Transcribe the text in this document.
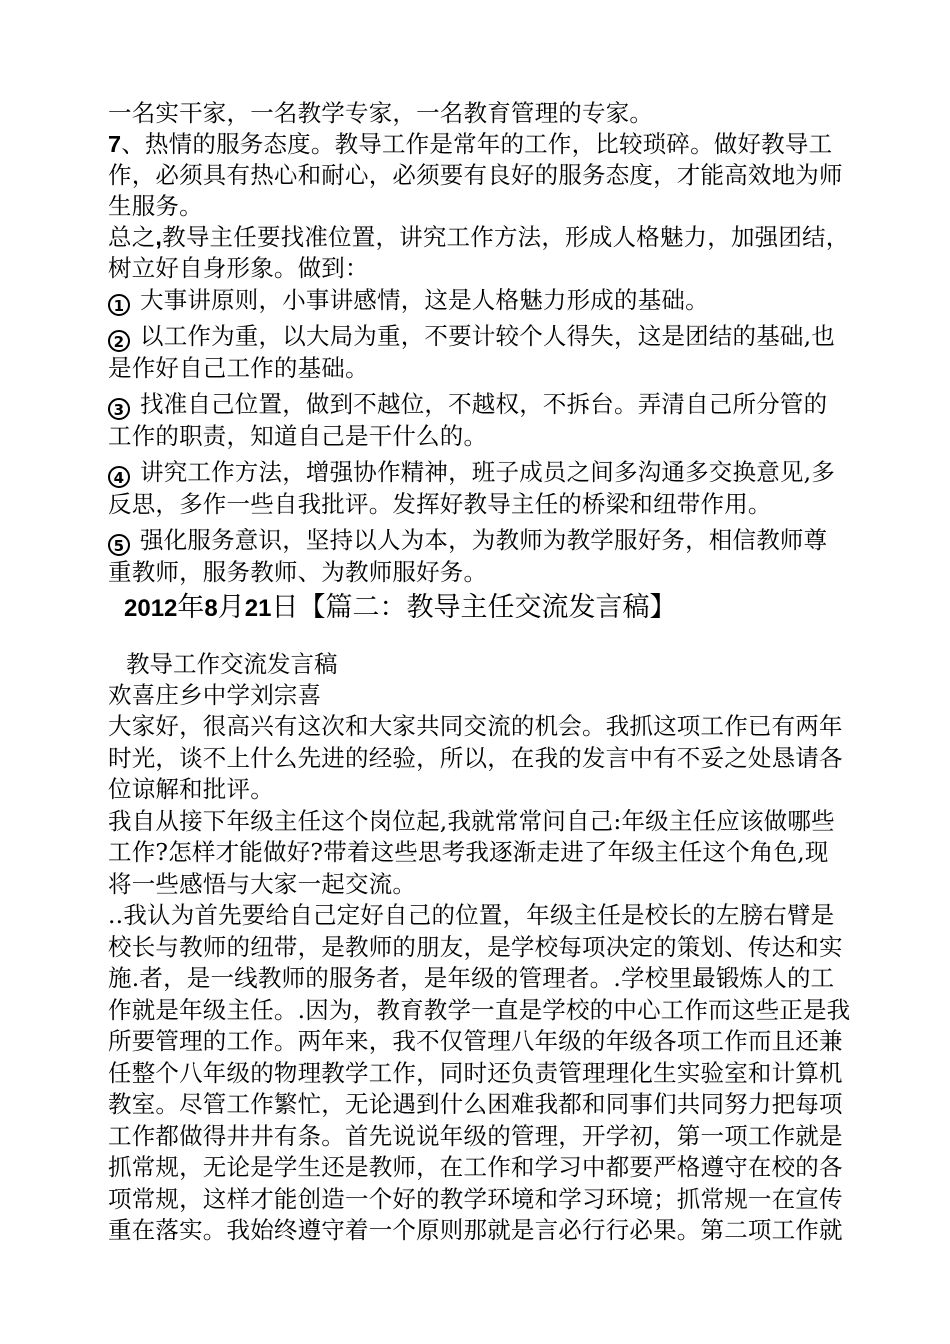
一名实干家，一名教学专家，一名教育管理的专家。
7、热情的服务态度。教导工作是常年的工作，比较琐碎。做好教导工
作，必须具有热心和耐心，必须要有良好的服务态度，才能高效地为师
生服务。
总之,教导主任要找准位置，讲究工作方法，形成人格魅力，加强团结，
树立好自身形象。做到：
1 大事讲原则，小事讲感情，这是人格魅力形成的基础。
2 以工作为重，以大局为重，不要计较个人得失，这是团结的基础,也
是作好自己工作的基础。
3 找准自己位置，做到不越位，不越权，不拆台。弄清自己所分管的
工作的职责，知道自己是干什么的。
4 讲究工作方法，增强协作精神，班子成员之间多沟通多交换意见,多
反思，多作一些自我批评。发挥好教导主任的桥梁和纽带作用。
5 强化服务意识，坚持以人为本，为教师为教学服好务，相信教师尊
重教师，服务教师、为教师服好务。
2012年8月21日【篇二：教导主任交流发言稿】
教导工作交流发言稿
欢喜庄乡中学刘宗喜
大家好，很高兴有这次和大家共同交流的机会。我抓这项工作已有两年
时光，谈不上什么先进的经验，所以，在我的发言中有不妥之处恳请各
位谅解和批评。
我自从接下年级主任这个岗位起,我就常常问自己:年级主任应该做哪些
工作?怎样才能做好?带着这些思考我逐渐走进了年级主任这个角色,现
将一些感悟与大家一起交流。
..我认为首先要给自己定好自己的位置，年级主任是校长的左膀右臂是
校长与教师的纽带，是教师的朋友，是学校每项决定的策划、传达和实
施.者，是一线教师的服务者，是年级的管理者。.学校里最锻炼人的工
作就是年级主任。.因为，教育教学一直是学校的中心工作而这些正是我
所要管理的工作。两年来，我不仅管理八年级的年级各项工作而且还兼
任整个八年级的物理教学工作，同时还负责管理理化生实验室和计算机
教室。尽管工作繁忙，无论遇到什么困难我都和同事们共同努力把每项
工作都做得井井有条。首先说说年级的管理，开学初，第一项工作就是
抓常规，无论是学生还是教师，在工作和学习中都要严格遵守在校的各
项常规，这样才能创造一个好的教学环境和学习环境；抓常规一在宣传
重在落实。我始终遵守着一个原则那就是言必行行必果。第二项工作就
